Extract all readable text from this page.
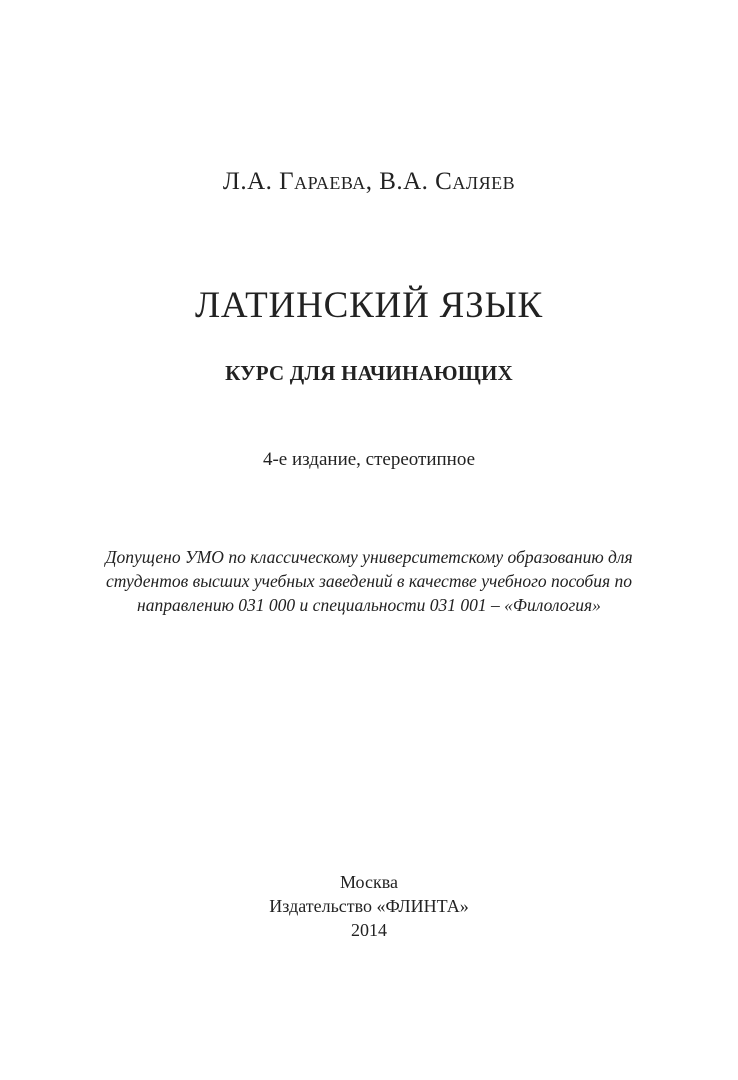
Л.А. Гараева, В.А. Саляев
ЛАТИНСКИЙ ЯЗЫК
КУРС ДЛЯ НАЧИНАЮЩИХ

4-е издание, стереотипное

Допущено УМО по классическому университетскому образованию для
студентов высших учебных заведений в качестве учебного пособия по
направлению 031 000 и специальности 031 001 – «Филология»

Москва
Издательство «ФЛИНТА»
2014
